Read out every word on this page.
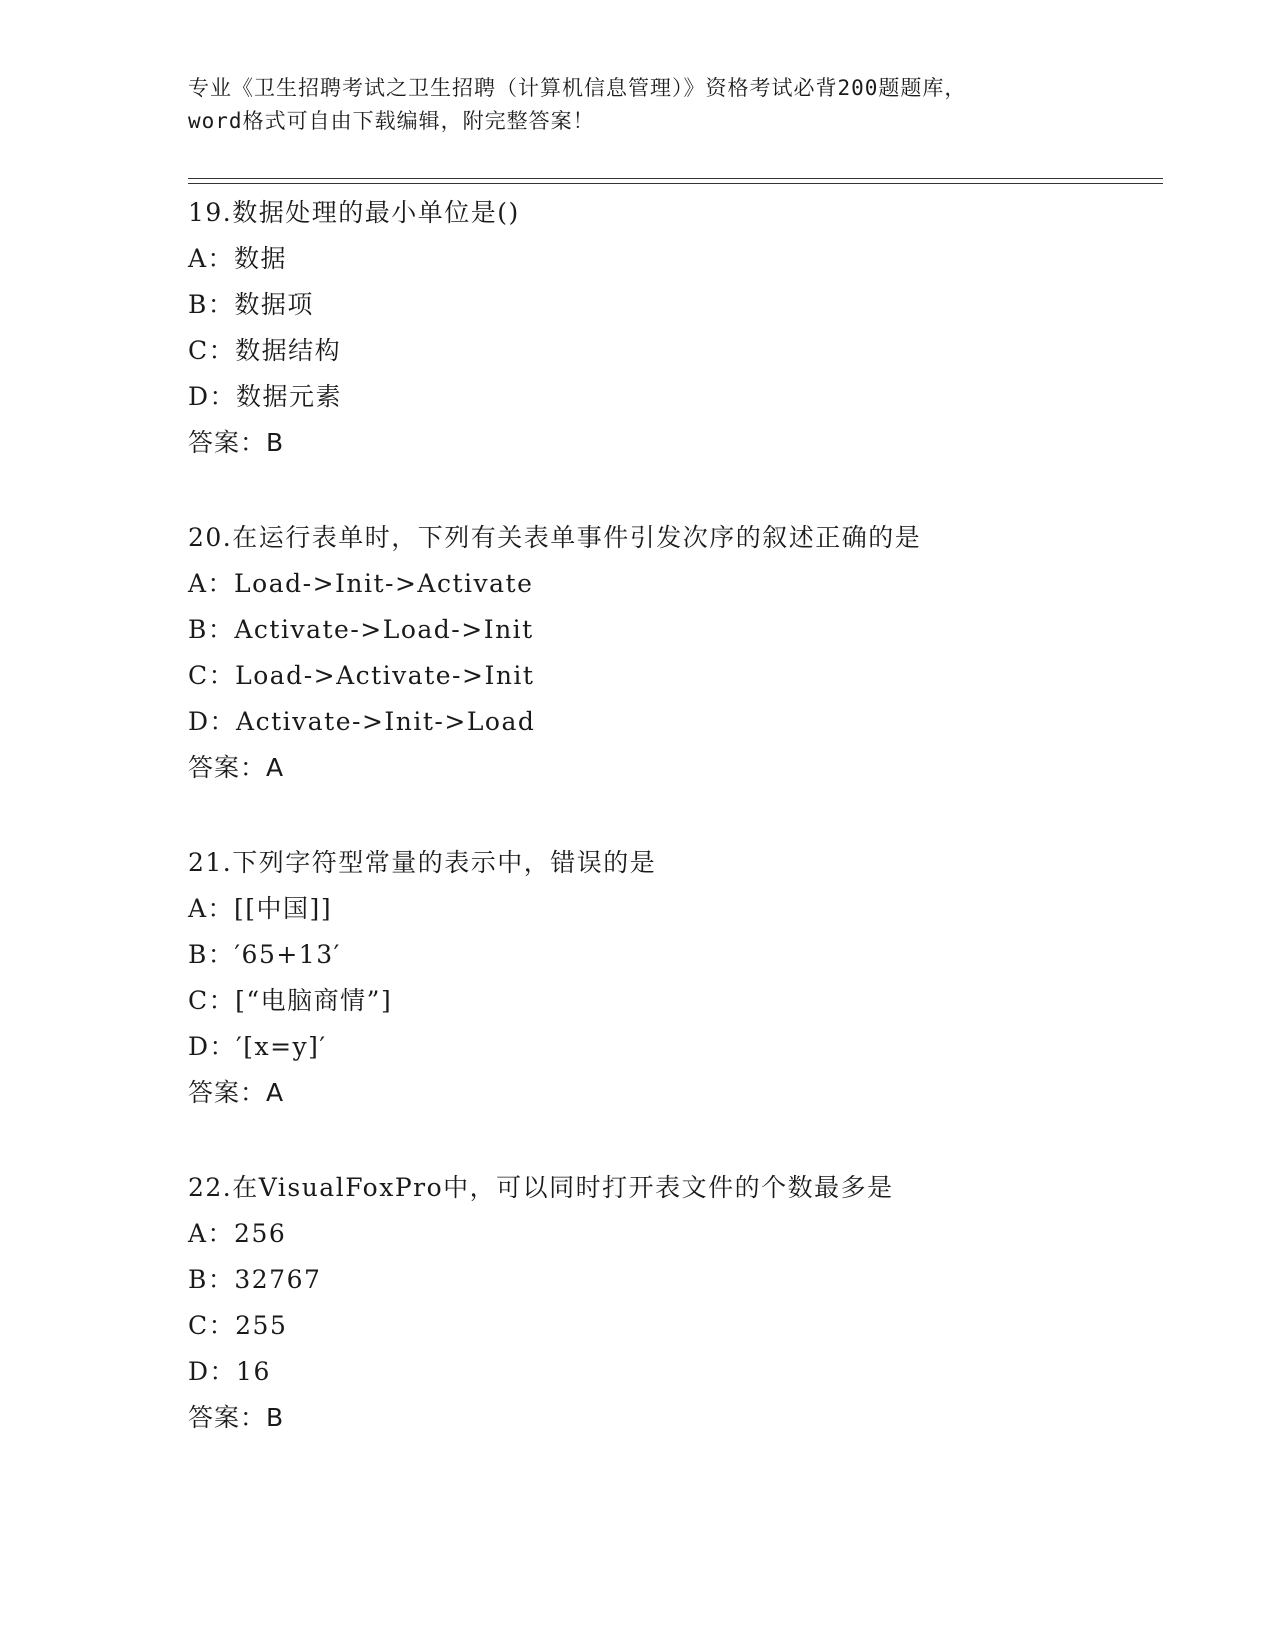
专业《卫生招聘考试之卫生招聘（计算机信息管理）》资格考试必背200题题库，
word格式可自由下载编辑，附完整答案！
19.数据处理的最小单位是()
A：数据
B：数据项
C：数据结构
D：数据元素
答案：B
20.在运行表单时，下列有关表单事件引发次序的叙述正确的是
A：Load->Init->Activate
B：Activate->Load->Init
C：Load->Activate->Init
D：Activate->Init->Load
答案：A
21.下列字符型常量的表示中，错误的是
A：[[中国]]
B：′65+13′
C：[“电脑商情”]
D：′[x=y]′
答案：A
22.在VisualFoxPro中，可以同时打开表文件的个数最多是
A：256
B：32767
C：255
D：16
答案：B
